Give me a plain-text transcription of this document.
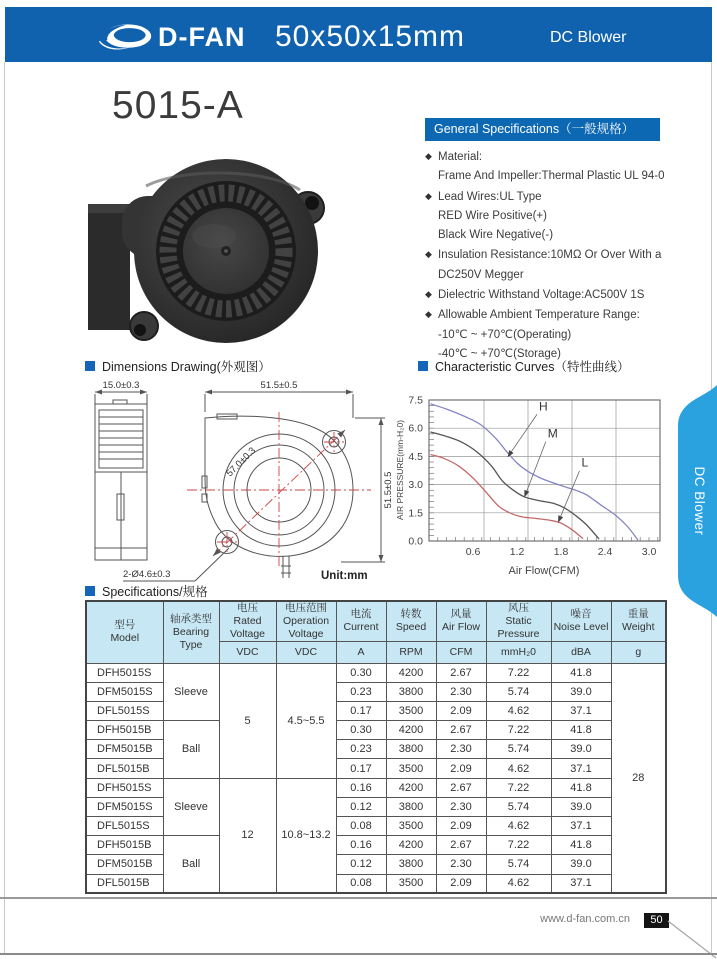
D-FAN 50x50x15mm	DC Blower
5015-A
General Specifications（一般规格）
◆ Material:
Frame And Impeller:Thermal Plastic UL 94-0
◆ Lead Wires:UL Type
RED Wire Positive(+)
Black Wire Negative(-)
◆ Insulation Resistance:10MΩ Or Over With a
DC250V Megger
◆ Dielectric Withstand Voltage:AC500V 1S
◆ Allowable Ambient Temperature Range:
-10℃ ~ +70℃(Operating)
-40℃ ~ +70℃(Storage)
Dimensions Drawing(外观图）	Characteristic Curves（特性曲线）
15.0±0.3	51.5±0.5
51.5±0.5
57.0±0.3
2-Ø4.6±0.3	Unit:mm
0.6	1.2	1.8	2.4	3.0
0.0
1.5
3.0
4.5
6.0
7.5	H
M
L
Air Flow(CFM)
AIR PRESSURE(mm-H₂0)	DC Blower
Specifications/规格
型号
Model	轴承类型
Bearing
Type	电压
Rated
Voltage	电压范围
Operation
Voltage	电流
Current	转数
Speed	风量
Air Flow	风压
Static
Pressure	噪音
Noise Level	重量
Weight
		VDC	VDC	A	RPM	CFM	mmH₂0	dBA	g
DFH5015S	Sleeve	5	4.5~5.5	0.30	4200	2.67	7.22	41.8	28
DFM5015S				0.23	3800	2.30	5.74	39.0	
DFL5015S				0.17	3500	2.09	4.62	37.1	
DFH5015B	Ball			0.30	4200	2.67	7.22	41.8	
DFM5015B				0.23	3800	2.30	5.74	39.0	
DFL5015B				0.17	3500	2.09	4.62	37.1	
DFH5015S	Sleeve	12	10.8~13.2	0.16	4200	2.67	7.22	41.8	
DFM5015S				0.12	3800	2.30	5.74	39.0	
DFL5015S				0.08	3500	2.09	4.62	37.1	
DFH5015B	Ball			0.16	4200	2.67	7.22	41.8	
DFM5015B				0.12	3800	2.30	5.74	39.0	
DFL5015B				0.08	3500	2.09	4.62	37.1	
www.d-fan.com.cn	50
